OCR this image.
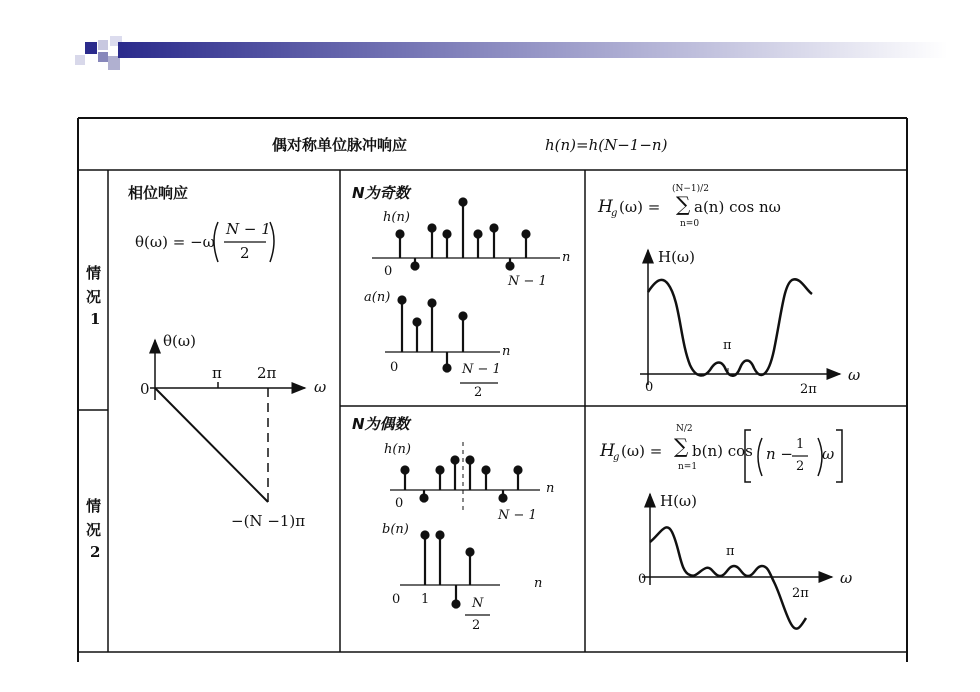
偶对称单位脉冲响应	h(n)=h(N−1−n)
情
况
1
情
况
2
相位响应
θ(ω) = −ω
N − 1
2
θ(ω)
0
π 2π
ω
−(N −1)π
N为奇数
h(n)
n
0
N − 1
a(n)
n
0	N − 1
2
N为偶数
h(n)
n
0
N − 1
b(n)
n
0 1	N
2
H
g (ω) =
(N−1)/2
∑
n=0
a(n) cos nω
H(ω)
0
π
2π
ω
H
g (ω) =
N/2
∑
n=1
b(n) cos n −
1
2
ω
H(ω)
0
π
2π
ω
